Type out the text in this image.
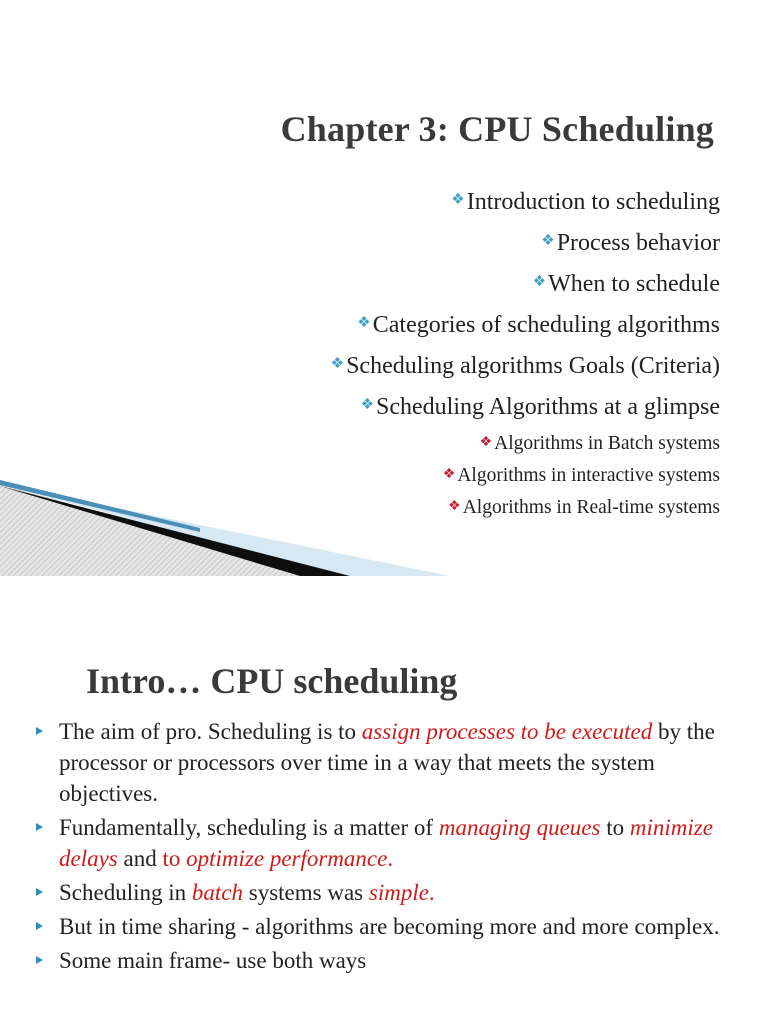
Chapter 3: CPU Scheduling
❖Introduction to scheduling
❖Process behavior
❖When to schedule
❖Categories of scheduling algorithms
❖Scheduling algorithms Goals (Criteria)
❖Scheduling Algorithms at a glimpse
❖ Algorithms in Batch systems
❖ Algorithms in interactive systems
❖ Algorithms in Real-time systems
Intro… CPU scheduling
The aim of pro. Scheduling is to assign processes to be executed by the processor or processors over time in a way that meets the system objectives.
Fundamentally, scheduling is a matter of managing queues to minimize delays and to optimize performance.
Scheduling in batch systems was simple.
But in time sharing - algorithms are becoming more and more complex.
Some main frame- use both ways
